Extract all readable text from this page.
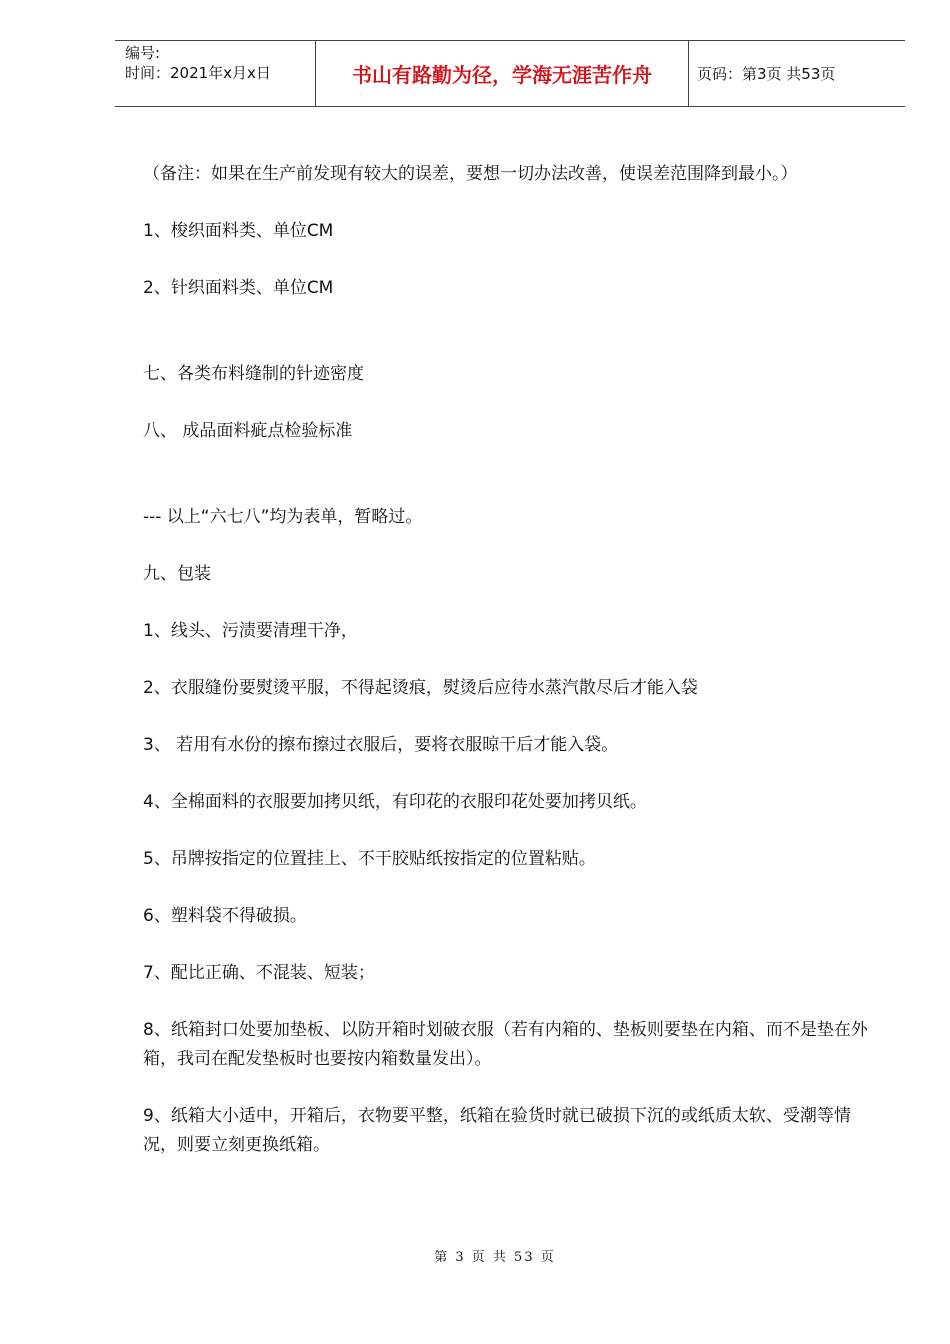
编号:
时间：2021年x月x日	书山有路勤为径，学海无涯苦作舟	页码：第3页 共53页

（备注：如果在生产前发现有较大的误差，要想一切办法改善，使误差范围降到最小。）

1、梭织面料类、单位CM

2、针织面料类、单位CM

七、各类布料缝制的针迹密度

八、 成品面料疵点检验标准

--- 以上“六七八”均为表单，暂略过。

九、包装

1、线头、污渍要清理干净，

2、衣服缝份要熨烫平服，不得起烫痕，熨烫后应待水蒸汽散尽后才能入袋

3、 若用有水份的擦布擦过衣服后，要将衣服晾干后才能入袋。

4、全棉面料的衣服要加拷贝纸，有印花的衣服印花处要加拷贝纸。

5、吊牌按指定的位置挂上、不干胶贴纸按指定的位置粘贴。

6、塑料袋不得破损。

7、配比正确、不混装、短装；

8、纸箱封口处要加垫板、以防开箱时划破衣服（若有内箱的、垫板则要垫在内箱、而不是垫在外箱，我司在配发垫板时也要按内箱数量发出）。

9、纸箱大小适中，开箱后，衣物要平整，纸箱在验货时就已破损下沉的或纸质太软、受潮等情况，则要立刻更换纸箱。

第 3 页 共 53 页
